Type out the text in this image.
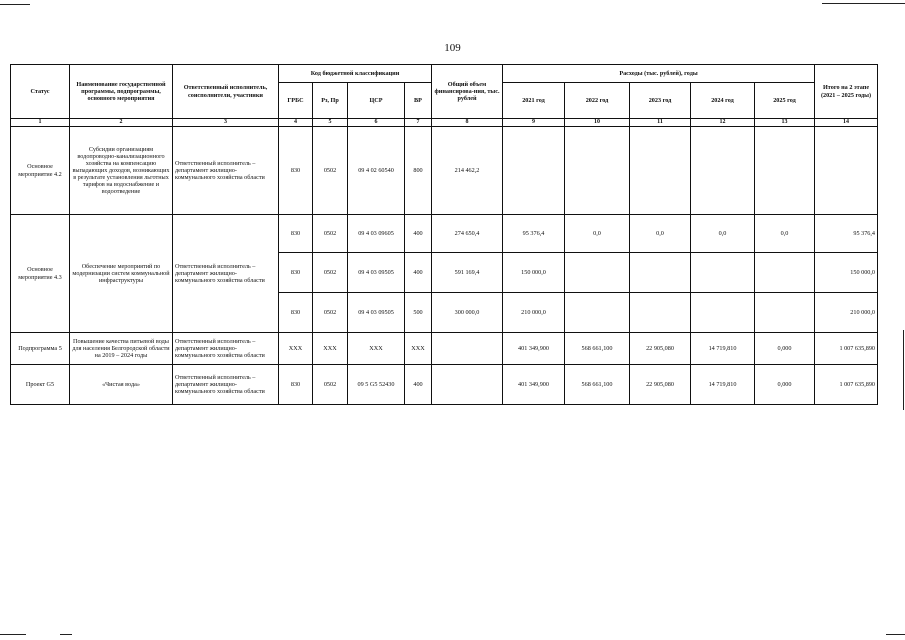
109
Статус	Наименование государственной программы, подпрограммы, основного мероприятия	Ответственный исполнитель, соисполнители, участники	Код бюджетной классификации				Общий объем финансирова-ния, тыс. рублей	Расходы (тыс. рублей), годы					Итого на 2 этапе (2021 – 2025 годы)
			ГРБС	Рз, Пр	ЦСР	ВР		2021 год	2022 год	2023 год	2024 год	2025 год	
1	2	3	4	5	6	7	8	9	10	11	12	13	14
Основное мероприятие 4.2	Субсидии организациям водопроводно-канализационного хозяйства на компенсацию выпадающих доходов, возникающих в результате установления льготных тарифов на водоснабжение и водоотведение	Ответственный исполнитель – департамент жилищно-коммунального хозяйства области	830	0502	09 4 02 60540	800	214 462,2						
Основное мероприятие 4.3	Обеспечение мероприятий по модернизации систем коммунальной инфраструктуры	Ответственный исполнитель – департамент жилищно-коммунального хозяйства области	830	0502	09 4 03 09605	400	274 650,4	95 376,4	0,0	0,0	0,0	0,0	95 376,4
			830	0502	09 4 03 09505	400	591 169,4	150 000,0					150 000,0
			830	0502	09 4 03 09505	500	300 000,0	210 000,0					210 000,0
Подпрограмма 5	Повышение качества питьевой воды для населения Белгородской области на 2019 – 2024 годы	Ответственный исполнитель – департамент жилищно-коммунального хозяйства области	XXX	XXX	XXX	XXX		401 349,900	568 661,100	22 905,080	14 719,810	0,000	1 007 635,890
Проект G5	«Чистая вода»	Ответственный исполнитель – департамент жилищно-коммунального хозяйства области	830	0502	09 5 G5 52430	400		401 349,900	568 661,100	22 905,080	14 719,810	0,000	1 007 635,890
